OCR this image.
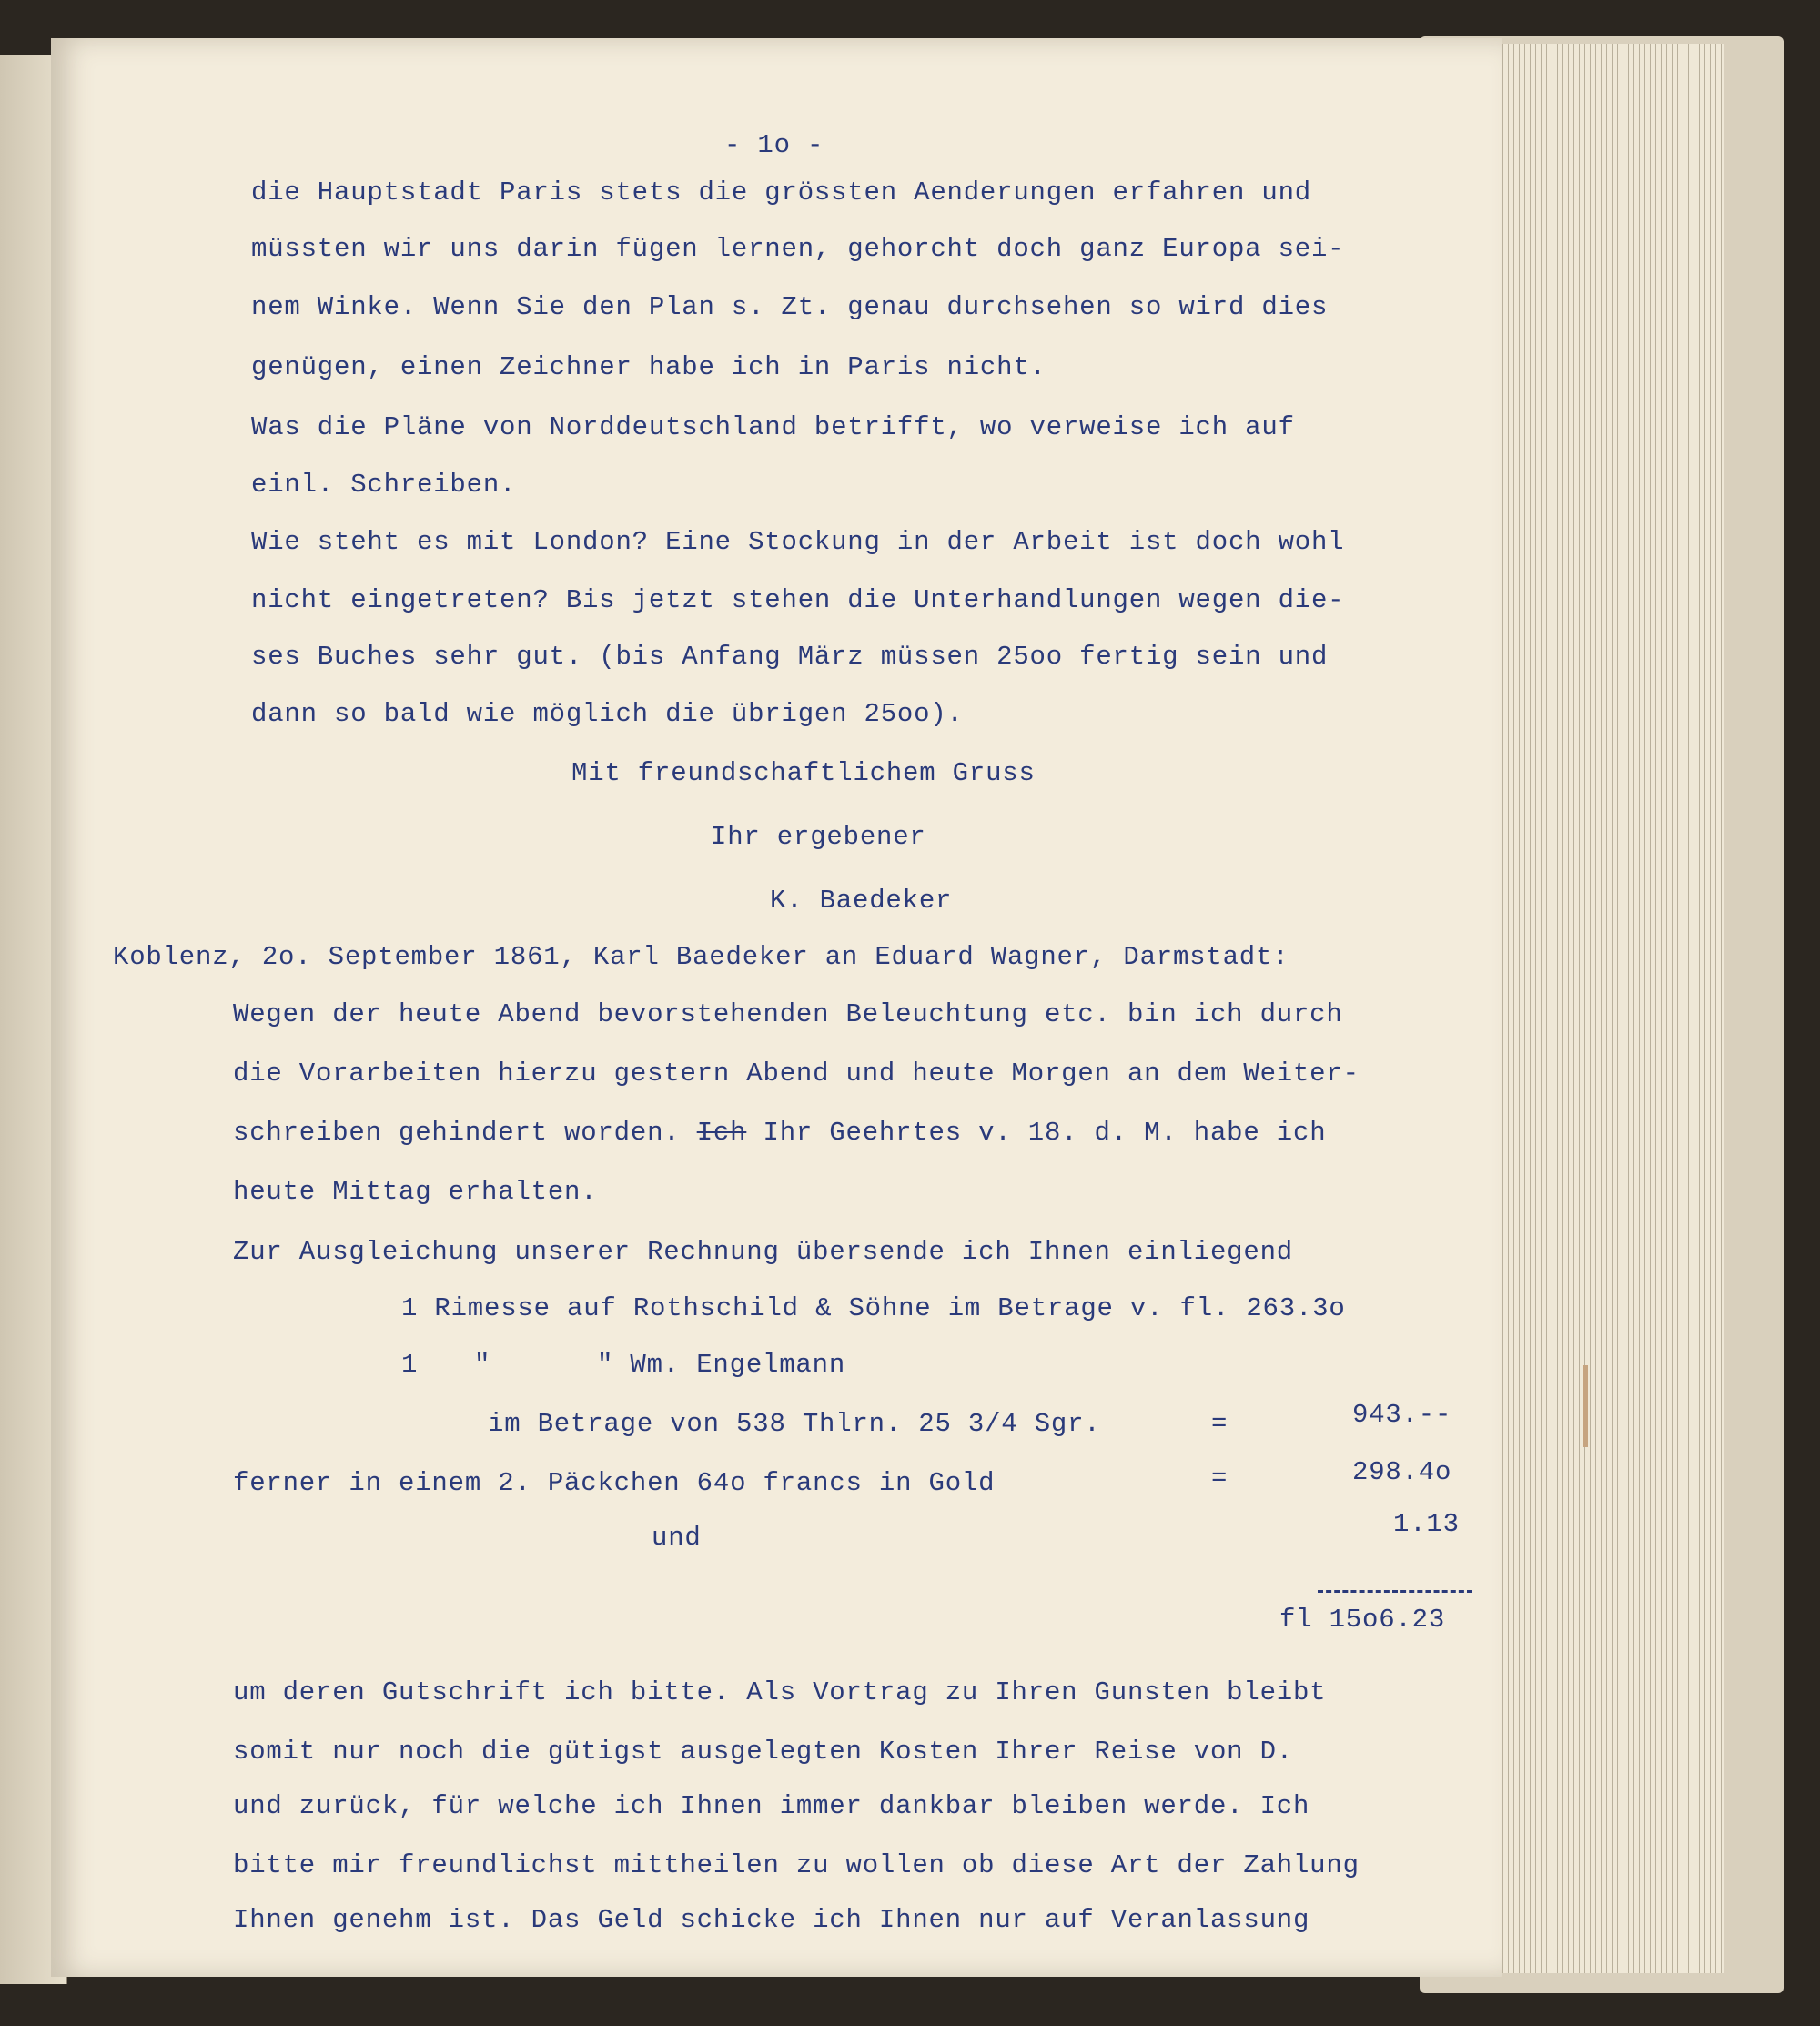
- 1o -
die Hauptstadt Paris stets die grössten Aenderungen erfahren und
müssten wir uns darin fügen lernen, gehorcht doch ganz Europa sei-
nem Winke. Wenn Sie den Plan s. Zt. genau durchsehen so wird dies
genügen, einen Zeichner habe ich in Paris nicht.
Was die Pläne von Norddeutschland betrifft, wo verweise ich auf
einl. Schreiben.
Wie steht es mit London? Eine Stockung in der Arbeit ist doch wohl
nicht eingetreten? Bis jetzt stehen die Unterhandlungen wegen die-
ses Buches sehr gut. (bis Anfang März müssen 25oo fertig sein und
dann so bald wie möglich die übrigen 25oo).
Mit freundschaftlichem Gruss
Ihr ergebener
K. Baedeker
Koblenz, 2o. September 1861, Karl Baedeker an Eduard Wagner, Darmstadt:
Wegen der heute Abend bevorstehenden Beleuchtung etc. bin ich durch
die Vorarbeiten hierzu gestern Abend und heute Morgen an dem Weiter-
schreiben gehindert worden. Ich Ihr Geehrtes v. 18. d. M. habe ich
heute Mittag erhalten.
Zur Ausgleichung unserer Rechnung übersende ich Ihnen einliegend
1 Rimesse auf Rothschild & Söhne im Betrage v. fl. 263.3o
1 "	" Wm. Engelmann
im Betrage von 538 Thlrn. 25 3/4 Sgr.	=	943.--
ferner in einem 2. Päckchen 64o francs in Gold	=	298.4o
und	1.13
fl 15o6.23
um deren Gutschrift ich bitte. Als Vortrag zu Ihren Gunsten bleibt
somit nur noch die gütigst ausgelegten Kosten Ihrer Reise von D.
und zurück, für welche ich Ihnen immer dankbar bleiben werde. Ich
bitte mir freundlichst mittheilen zu wollen ob diese Art der Zahlung
Ihnen genehm ist. Das Geld schicke ich Ihnen nur auf Veranlassung
